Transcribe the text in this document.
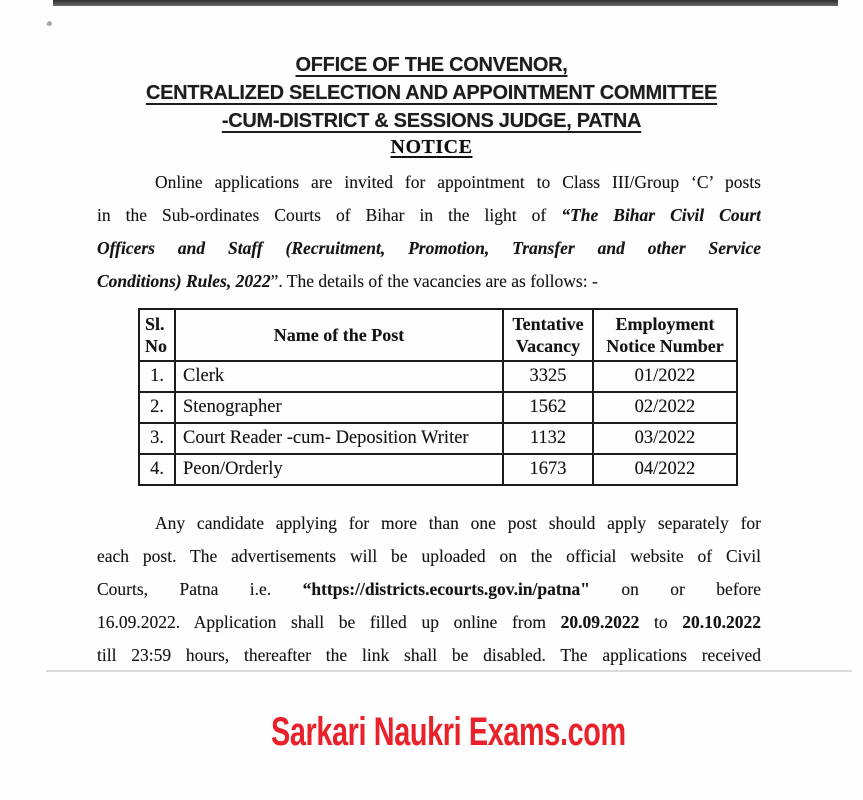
OFFICE OF THE CONVENOR,
CENTRALIZED SELECTION AND APPOINTMENT COMMITTEE
-CUM-DISTRICT & SESSIONS JUDGE, PATNA
NOTICE
Online applications are invited for appointment to Class III/Group ‘C’ posts
in the Sub-ordinates Courts of Bihar in the light of “The Bihar Civil Court
Officers and Staff (Recruitment, Promotion, Transfer and other Service
Conditions) Rules, 2022”. The details of the vacancies are as follows: -
Sl. No	Name of the Post	Tentative Vacancy	Employment Notice Number
1.	Clerk	3325	01/2022
2.	Stenographer	1562	02/2022
3.	Court Reader -cum- Deposition Writer	1132	03/2022
4.	Peon/Orderly	1673	04/2022
Any candidate applying for more than one post should apply separately for
each post. The advertisements will be uploaded on the official website of Civil
Courts, Patna i.e. “https://districts.ecourts.gov.in/patna" on or before
16.09.2022. Application shall be filled up online from 20.09.2022 to 20.10.2022
till 23:59 hours, thereafter the link shall be disabled. The applications received
Sarkari Naukri Exams.com
